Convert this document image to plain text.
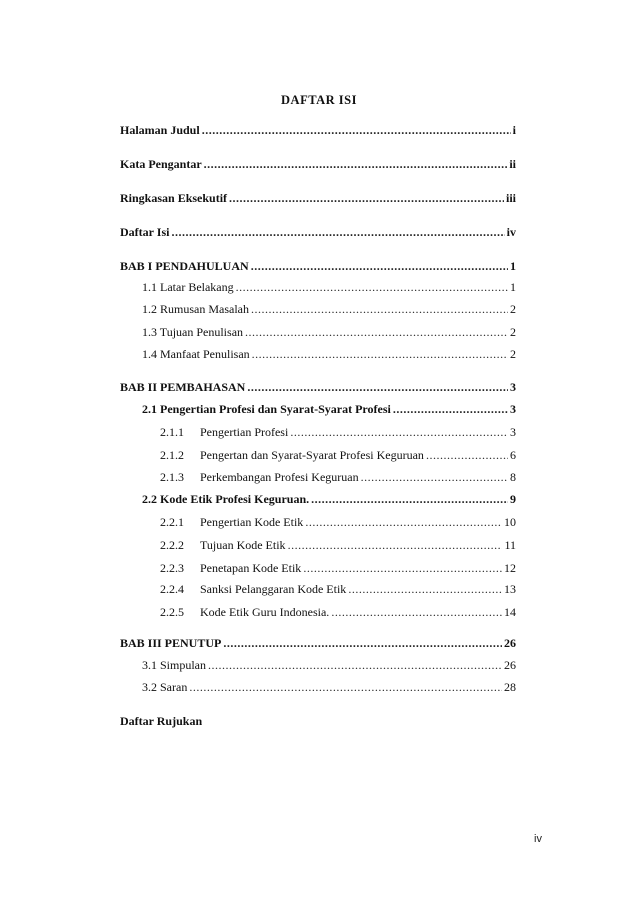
DAFTAR ISI
Halaman Judul .....	i
Kata Pengantar .....	ii
Ringkasan Eksekutif .....	iii
Daftar Isi .....	iv
BAB I PENDAHULUAN .....	1
1.1 Latar Belakang .....	1
1.2 Rumusan Masalah .....	2
1.3 Tujuan Penulisan .....	2
1.4 Manfaat Penulisan .....	2
BAB II PEMBAHASAN .....	3
2.1 Pengertian Profesi dan Syarat-Syarat Profesi .....	3
2.1.1	Pengertian Profesi .....	3
2.1.2	Pengertan dan Syarat-Syarat Profesi Keguruan .....	6
2.1.3	Perkembangan Profesi Keguruan .....	8
2.2 Kode Etik Profesi Keguruan. .....	9
2.2.1	Pengertian Kode Etik .....	10
2.2.2	Tujuan Kode Etik .....	11
2.2.3	Penetapan Kode Etik .....	12
2.2.4	Sanksi Pelanggaran Kode Etik .....	13
2.2.5	Kode Etik Guru Indonesia. .....	14
BAB III PENUTUP .....	26
3.1 Simpulan .....	26
3.2 Saran .....	28
Daftar Rujukan
iv
